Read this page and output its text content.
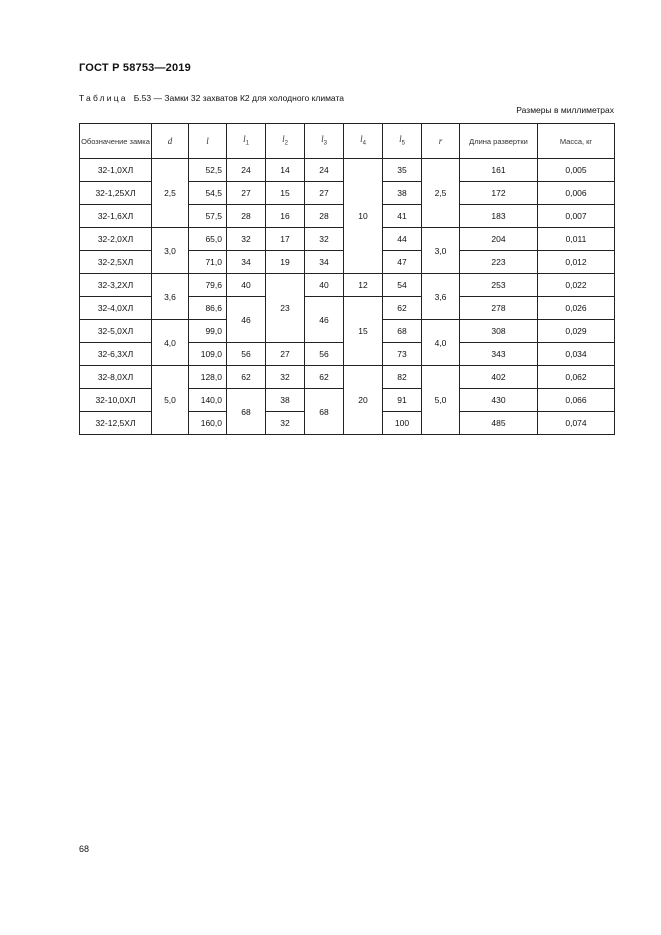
ГОСТ Р 58753—2019
Таблица Б.53 — Замки 32 захватов К2 для холодного климата
Размеры в миллиметрах
Обозначение замка	d	l	$l_1$	$l_2$	$l_3$	$l_4$	$l_5$	r	Длина развертки	Масса, кг
32-1,0ХЛ	2,5	52,5	24	14	24	10	35	2,5	161	0,005
32-1,25ХЛ		54,5	27	15	27		38		172	0,006
32-1,6ХЛ		57,5	28	16	28		41		183	0,007
32-2,0ХЛ	3,0	65,0	32	17	32		44	3,0	204	0,011
32-2,5ХЛ		71,0	34	19	34		47		223	0,012
32-3,2ХЛ	3,6	79,6	40	23	40	12	54	3,6	253	0,022
32-4,0ХЛ		86,6	46		46	15	62		278	0,026
32-5,0ХЛ	4,0	99,0					68	4,0	308	0,029
32-6,3ХЛ		109,0	56	27	56		73		343	0,034
32-8,0ХЛ	5,0	128,0	62	32	62	20	82	5,0	402	0,062
32-10,0ХЛ		140,0	68	38	68		91		430	0,066
32-12,5ХЛ		160,0		32			100		485	0,074
68
